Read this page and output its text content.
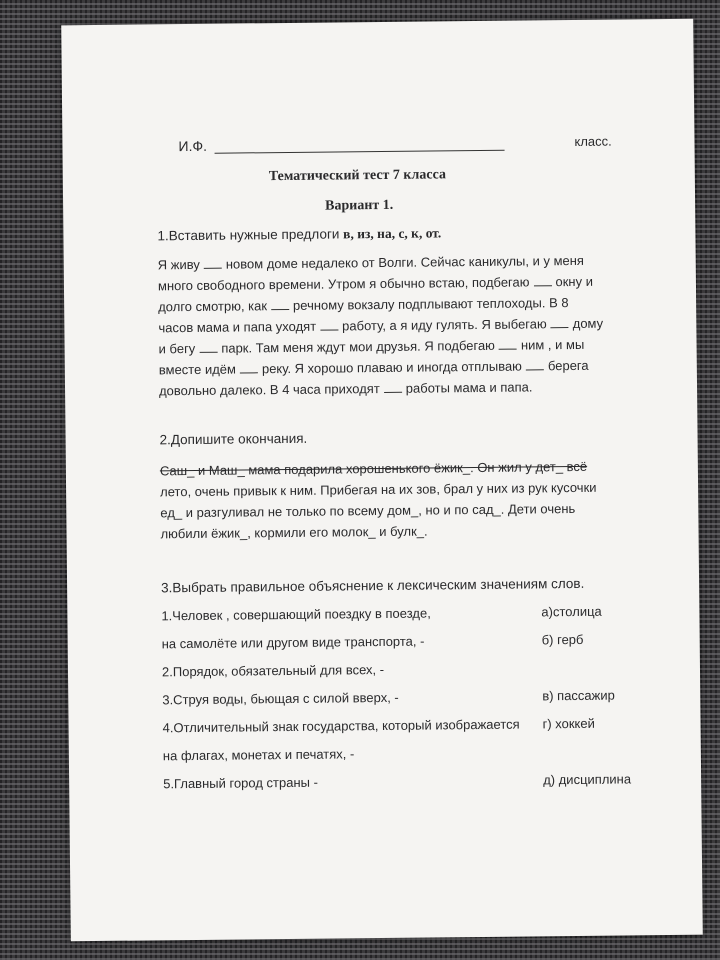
И.Ф.	класс.
Тематический тест 7 класса
Вариант 1.
1.Вставить нужные предлоги в, из, на, с, к, от.
Я живу новом доме недалеко от Волги. Сейчас каникулы, и у меня
много свободного времени. Утром я обычно встаю, подбегаю окну и
долго смотрю, как речному вокзалу подплывают теплоходы. В 8
часов мама и папа уходят работу, а я иду гулять. Я выбегаю дому
и бегу парк. Там меня ждут мои друзья. Я подбегаю ним , и мы
вместе идём реку. Я хорошо плаваю и иногда отплываю берега
довольно далеко. В 4 часа приходят работы мама и папа.
2.Допишите окончания.
Саш_ и Маш_ мама подарила хорошенького ёжик_. Он жил у дет_ всё
лето, очень привык к ним. Прибегая на их зов, брал у них из рук кусочки
ед_ и разгуливал не только по всему дом_, но и по сад_. Дети очень
любили ёжик_, кормили его молок_ и булк_.
3.Выбрать правильное объяснение к лексическим значениям слов.
1.Человек , совершающий поездку в поезде,	а)столица
на самолёте или другом виде транспорта, -	б) герб
2.Порядок, обязательный для всех, -
3.Струя воды, бьющая с силой вверх, -	в) пассажир
4.Отличительный знак государства, который изображается г) хоккей
на флагах, монетах и печатях, -
5.Главный город страны -	д) дисциплина
